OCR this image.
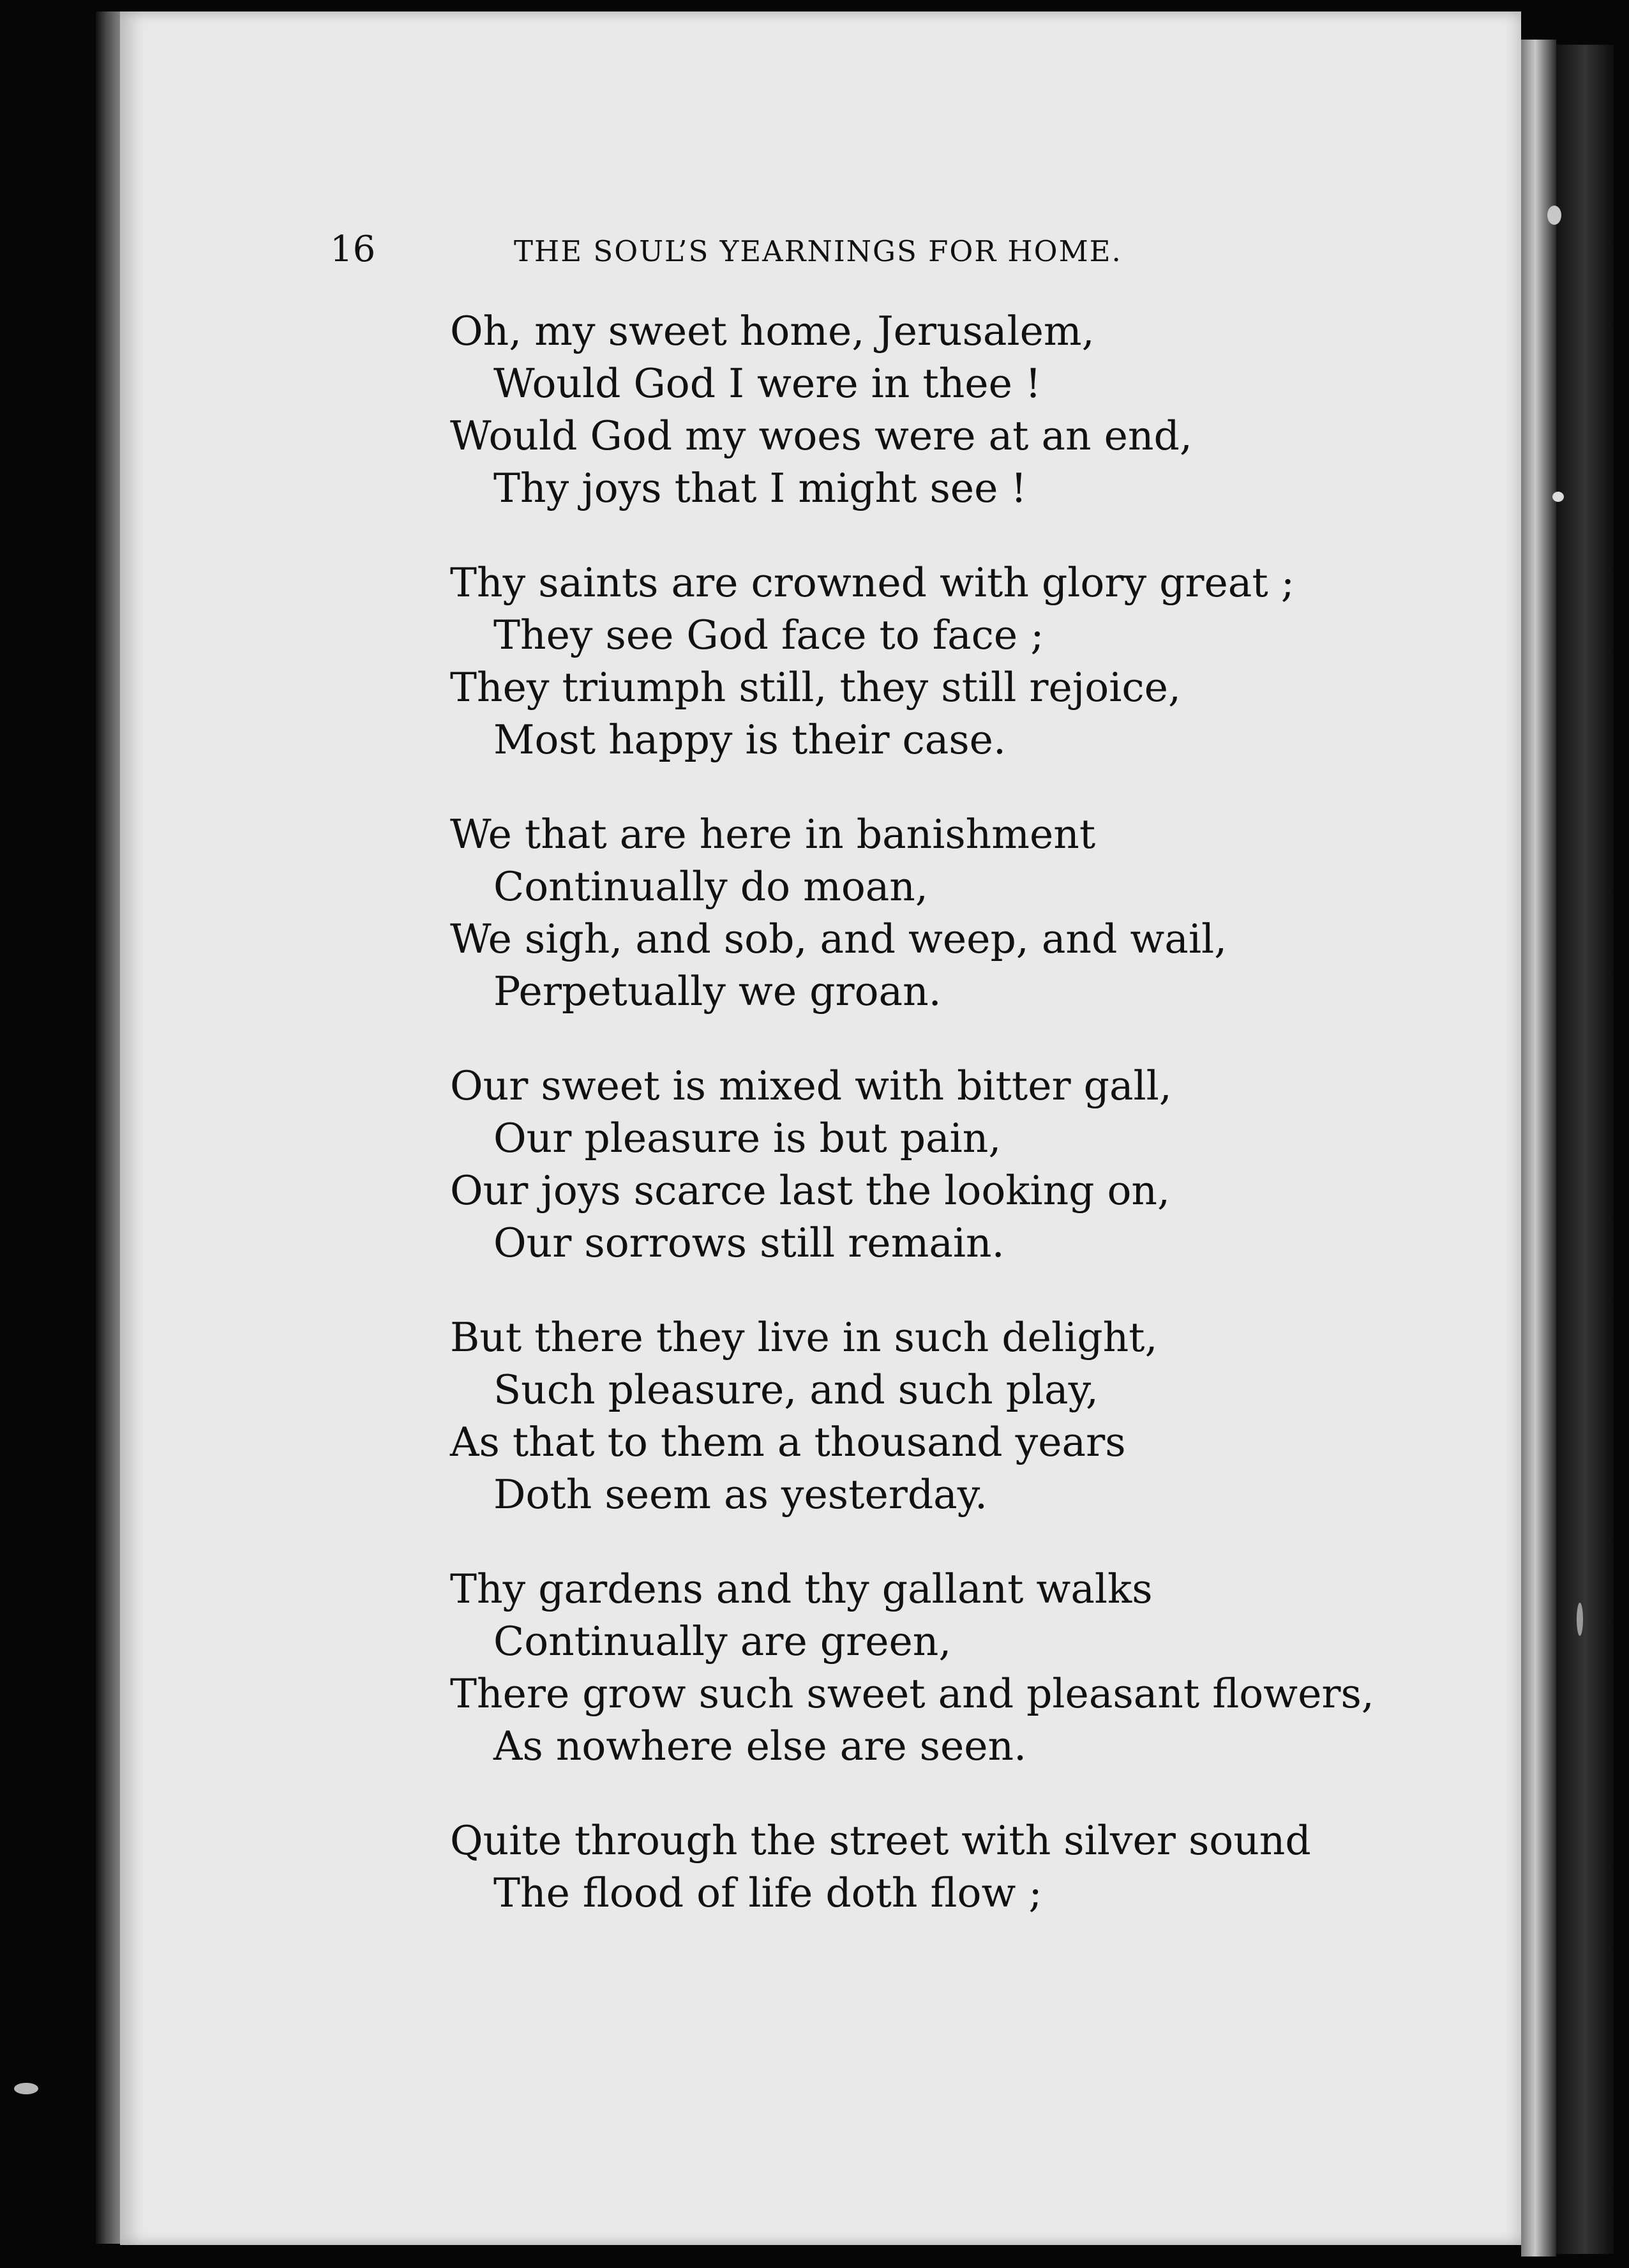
16	THE SOUL’S YEARNINGS FOR HOME.
Oh, my sweet home, Jerusalem,
Would God I were in thee !
Would God my woes were at an end,
Thy joys that I might see !
Thy saints are crowned with glory great ;
They see God face to face ;
They triumph still, they still rejoice,
Most happy is their case.
We that are here in banishment
Continually do moan,
We sigh, and sob, and weep, and wail,
Perpetually we groan.
Our sweet is mixed with bitter gall,
Our pleasure is but pain,
Our joys scarce last the looking on,
Our sorrows still remain.
But there they live in such delight,
Such pleasure, and such play,
As that to them a thousand years
Doth seem as yesterday.
Thy gardens and thy gallant walks
Continually are green,
There grow such sweet and pleasant flowers,
As nowhere else are seen.
Quite through the street with silver sound
The flood of life doth flow ;
